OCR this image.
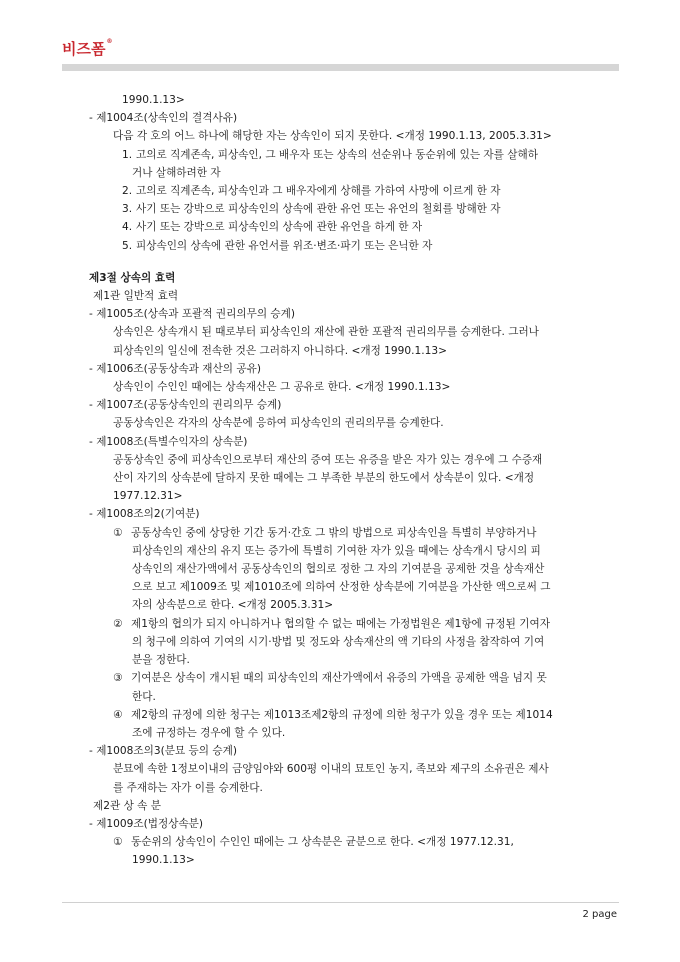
비즈폼®
1990.1.13>
- 제1004조(상속인의 결격사유)
다음 각 호의 어느 하나에 해당한 자는 상속인이 되지 못한다. <개정 1990.1.13, 2005.3.31>
1. 고의로 직계존속, 피상속인, 그 배우자 또는 상속의 선순위나 동순위에 있는 자를 살해하
거나 살해하려한 자
2. 고의로 직계존속, 피상속인과 그 배우자에게 상해를 가하여 사망에 이르게 한 자
3. 사기 또는 강박으로 피상속인의 상속에 관한 유언 또는 유언의 철회를 방해한 자
4. 사기 또는 강박으로 피상속인의 상속에 관한 유언을 하게 한 자
5. 피상속인의 상속에 관한 유언서를 위조·변조·파기 또는 은닉한 자
제3절 상속의 효력
제1관 일반적 효력
- 제1005조(상속과 포괄적 권리의무의 승계)
상속인은 상속개시 된 때로부터 피상속인의 재산에 관한 포괄적 권리의무를 승계한다. 그러나
피상속인의 일신에 전속한 것은 그러하지 아니하다. <개정 1990.1.13>
- 제1006조(공동상속과 재산의 공유)
상속인이 수인인 때에는 상속재산은 그 공유로 한다. <개정 1990.1.13>
- 제1007조(공동상속인의 권리의무 승계)
공동상속인은 각자의 상속분에 응하여 피상속인의 권리의무를 승계한다.
- 제1008조(특별수익자의 상속분)
공동상속인 중에 피상속인으로부터 재산의 증여 또는 유증을 받은 자가 있는 경우에 그 수증재
산이 자기의 상속분에 달하지 못한 때에는 그 부족한 부분의 한도에서 상속분이 있다. <개정
1977.12.31>
- 제1008조의2(기여분)
① 공동상속인 중에 상당한 기간 동거·간호 그 밖의 방법으로 피상속인을 특별히 부양하거나
피상속인의 재산의 유지 또는 증가에 특별히 기여한 자가 있을 때에는 상속개시 당시의 피
상속인의 재산가액에서 공동상속인의 협의로 정한 그 자의 기여분을 공제한 것을 상속재산
으로 보고 제1009조 및 제1010조에 의하여 산정한 상속분에 기여분을 가산한 액으로써 그
자의 상속분으로 한다. <개정 2005.3.31>
② 제1항의 협의가 되지 아니하거나 협의할 수 없는 때에는 가정법원은 제1항에 규정된 기여자
의 청구에 의하여 기여의 시기·방법 및 정도와 상속재산의 액 기타의 사정을 참작하여 기여
분을 정한다.
③ 기여분은 상속이 개시된 때의 피상속인의 재산가액에서 유증의 가액을 공제한 액을 넘지 못
한다.
④ 제2항의 규정에 의한 청구는 제1013조제2항의 규정에 의한 청구가 있을 경우 또는 제1014
조에 규정하는 경우에 할 수 있다.
- 제1008조의3(분묘 등의 승계)
분묘에 속한 1정보이내의 금양임야와 600평 이내의 묘토인 농지, 족보와 제구의 소유권은 제사
를 주재하는 자가 이를 승계한다.
제2관 상 속 분
- 제1009조(법정상속분)
① 동순위의 상속인이 수인인 때에는 그 상속분은 균분으로 한다. <개정 1977.12.31,
1990.1.13>
2 page
